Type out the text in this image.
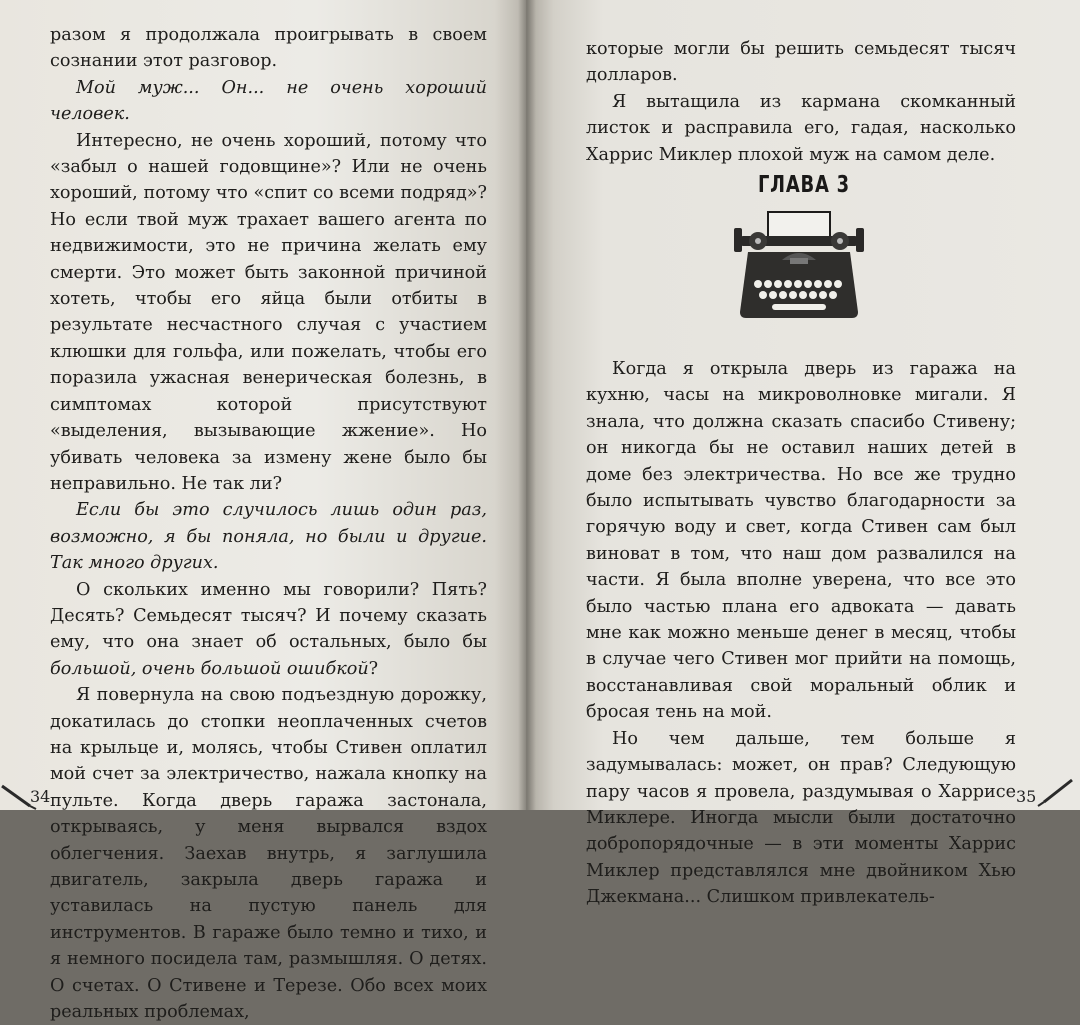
разом я продолжала проигрывать в своем сознании этот разговор.

Мой муж... Он... не очень хороший человек.

Интересно, не очень хороший, потому что «забыл о нашей годовщине»? Или не очень хороший, потому что «спит со всеми подряд»? Но если твой муж трахает вашего агента по недвижимости, это не причина желать ему смерти. Это может быть законной причиной хотеть, чтобы его яйца были отбиты в результате несчастного случая с участием клюшки для гольфа, или пожелать, чтобы его поразила ужасная венерическая болезнь, в симптомах которой присутствуют «выделения, вызывающие жжение». Но убивать человека за измену жене было бы неправильно. Не так ли?

Если бы это случилось лишь один раз, возможно, я бы поняла, но были и другие. Так много других.

О скольких именно мы говорили? Пять? Десять? Семьдесят тысяч? И почему сказать ему, что она знает об остальных, было бы большой, очень большой ошибкой?

Я повернула на свою подъездную дорожку, докатилась до стопки неоплаченных счетов на крыльце и, молясь, чтобы Стивен оплатил мой счет за электричество, нажала кнопку на пульте. Когда дверь гаража застонала, открываясь, у меня вырвался вздох облегчения. Заехав внутрь, я заглушила двигатель, закрыла дверь гаража и уставилась на пустую панель для инструментов. В гараже было темно и тихо, и я немного посидела там, размышляя. О детях. О счетах. О Стивене и Терезе. Обо всех моих реальных проблемах,

34

которые могли бы решить семьдесят тысяч долларов.

Я вытащила из кармана скомканный листок и расправила его, гадая, насколько Харрис Миклер плохой муж на самом деле.

ГЛАВА 3

Когда я открыла дверь из гаража на кухню, часы на микроволновке мигали. Я знала, что должна сказать спасибо Стивену; он никогда бы не оставил наших детей в доме без электричества. Но все же трудно было испытывать чувство благодарности за горячую воду и свет, когда Стивен сам был виноват в том, что наш дом развалился на части. Я была вполне уверена, что все это было частью плана его адвоката — давать мне как можно меньше денег в месяц, чтобы в случае чего Стивен мог прийти на помощь, восстанавливая свой моральный облик и бросая тень на мой.

Но чем дальше, тем больше я задумывалась: может, он прав? Следующую пару часов я провела, раздумывая о Харрисе Миклере. Иногда мысли были достаточно добропорядочные — в эти моменты Харрис Миклер представлялся мне двойником Хью Джекмана... Слишком привлекатель-

35
